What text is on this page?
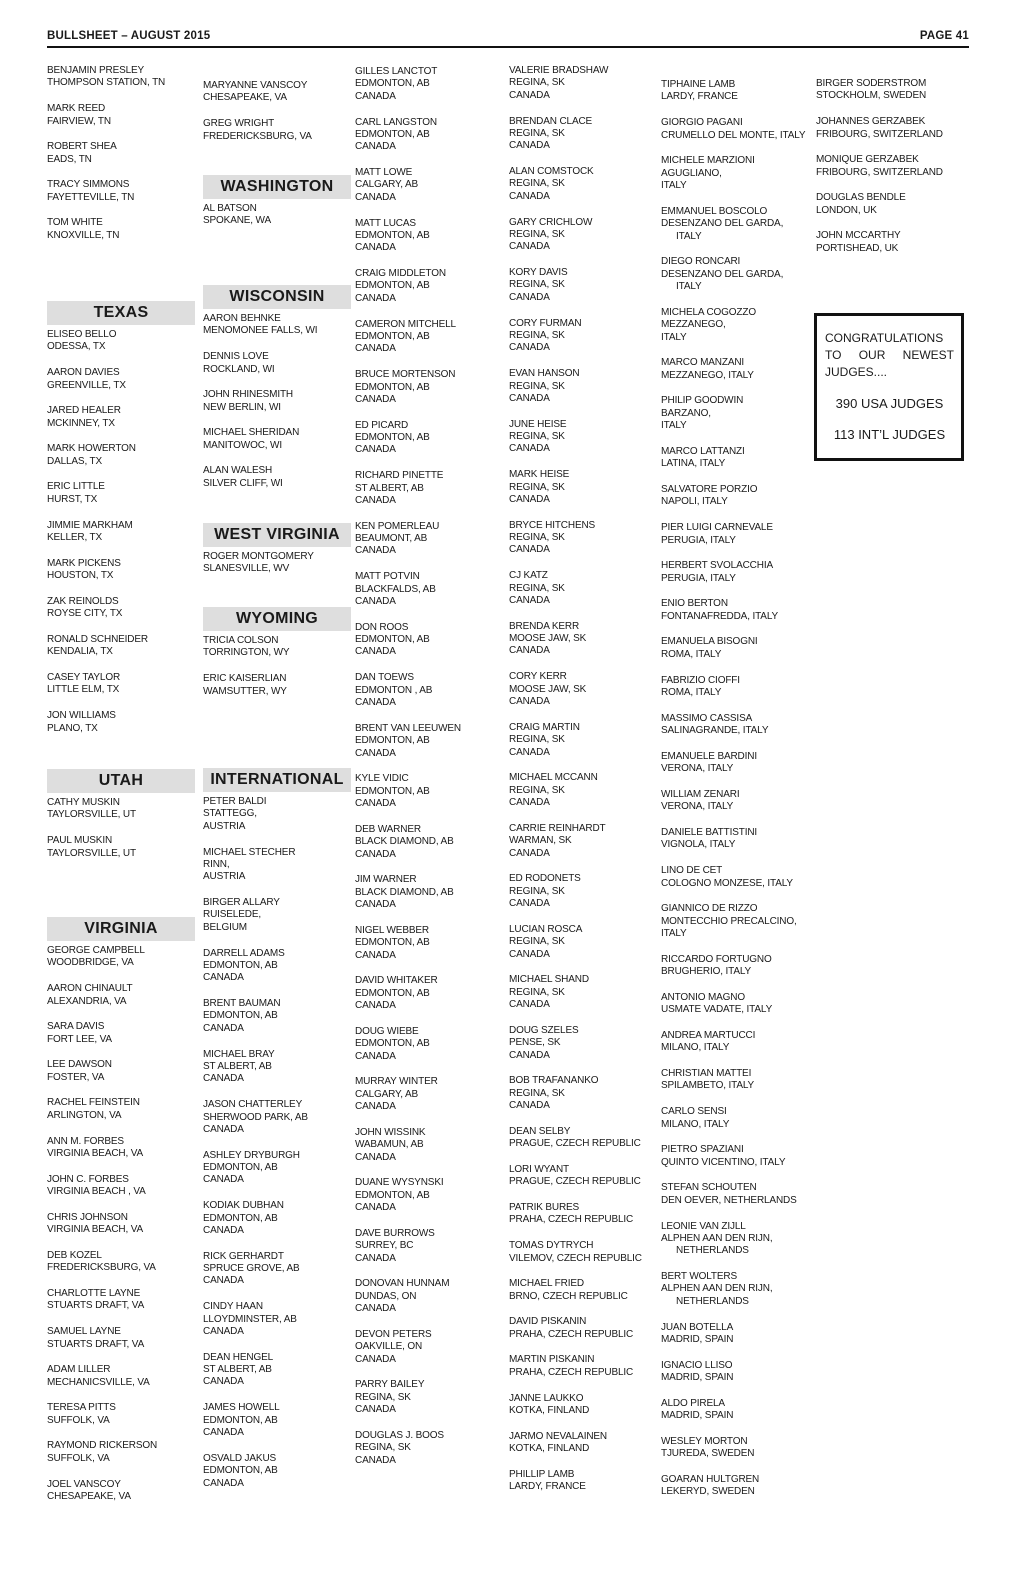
BULLSHEET – AUGUST 2015	PAGE 41
BENJAMIN PRESLEY
THOMPSON STATION, TN
MARK REED
FAIRVIEW, TN
ROBERT SHEA
EADS, TN
TRACY SIMMONS
FAYETTEVILLE, TN
TOM WHITE
KNOXVILLE, TN
TEXAS
ELISEO BELLO
ODESSA, TX
AARON DAVIES
GREENVILLE, TX
JARED HEALER
MCKINNEY, TX
MARK HOWERTON
DALLAS, TX
ERIC LITTLE
HURST, TX
JIMMIE MARKHAM
KELLER, TX
MARK PICKENS
HOUSTON, TX
ZAK REINOLDS
ROYSE CITY, TX
RONALD SCHNEIDER
KENDALIA, TX
CASEY TAYLOR
LITTLE ELM, TX
JON WILLIAMS
PLANO, TX
UTAH
CATHY MUSKIN
TAYLORSVILLE, UT
PAUL MUSKIN
TAYLORSVILLE, UT
VIRGINIA
GEORGE CAMPBELL
WOODBRIDGE, VA
AARON CHINAULT
ALEXANDRIA, VA
SARA DAVIS
FORT LEE, VA
LEE DAWSON
FOSTER, VA
RACHEL FEINSTEIN
ARLINGTON, VA
ANN M. FORBES
VIRGINIA BEACH, VA
JOHN C. FORBES
VIRGINIA BEACH , VA
CHRIS JOHNSON
VIRGINIA BEACH, VA
DEB KOZEL
FREDERICKSBURG, VA
CHARLOTTE LAYNE
STUARTS DRAFT, VA
SAMUEL LAYNE
STUARTS DRAFT, VA
ADAM LILLER
MECHANICSVILLE, VA
TERESA PITTS
SUFFOLK, VA
RAYMOND RICKERSON
SUFFOLK, VA
JOEL VANSCOY
CHESAPEAKE, VA
MARYANNE VANSCOY
CHESAPEAKE, VA
GREG WRIGHT
FREDERICKSBURG, VA
WASHINGTON
AL BATSON
SPOKANE, WA
WISCONSIN
AARON BEHNKE
MENOMONEE FALLS, WI
DENNIS LOVE
ROCKLAND, WI
JOHN RHINESMITH
NEW BERLIN, WI
MICHAEL SHERIDAN
MANITOWOC, WI
ALAN WALESH
SILVER CLIFF, WI
WEST VIRGINIA
ROGER MONTGOMERY
SLANESVILLE, WV
WYOMING
TRICIA COLSON
TORRINGTON, WY
ERIC KAISERLIAN
WAMSUTTER, WY
INTERNATIONAL
PETER BALDI
STATTEGG,
AUSTRIA
MICHAEL STECHER
RINN,
AUSTRIA
BIRGER ALLARY
RUISELEDE,
BELGIUM
DARRELL ADAMS
EDMONTON, AB
CANADA
BRENT BAUMAN
EDMONTON, AB
CANADA
MICHAEL BRAY
ST ALBERT, AB
CANADA
JASON CHATTERLEY
SHERWOOD PARK, AB
CANADA
ASHLEY DRYBURGH
EDMONTON, AB
CANADA
KODIAK DUBHAN
EDMONTON, AB
CANADA
RICK GERHARDT
SPRUCE GROVE, AB
CANADA
CINDY HAAN
LLOYDMINSTER, AB
CANADA
DEAN HENGEL
ST ALBERT, AB
CANADA
JAMES HOWELL
EDMONTON, AB
CANADA
OSVALD JAKUS
EDMONTON, AB
CANADA
GILLES LANCTOT
EDMONTON, AB
CANADA
CARL LANGSTON
EDMONTON, AB
CANADA
MATT LOWE
CALGARY, AB
CANADA
MATT LUCAS
EDMONTON, AB
CANADA
CRAIG MIDDLETON
EDMONTON, AB
CANADA
CAMERON MITCHELL
EDMONTON, AB
CANADA
BRUCE MORTENSON
EDMONTON, AB
CANADA
ED PICARD
EDMONTON, AB
CANADA
RICHARD PINETTE
ST ALBERT, AB
CANADA
KEN POMERLEAU
BEAUMONT, AB
CANADA
MATT POTVIN
BLACKFALDS, AB
CANADA
DON ROOS
EDMONTON, AB
CANADA
DAN TOEWS
EDMONTON , AB
CANADA
BRENT VAN LEEUWEN
EDMONTON, AB
CANADA
KYLE VIDIC
EDMONTON, AB
CANADA
DEB WARNER
BLACK DIAMOND, AB
CANADA
JIM WARNER
BLACK DIAMOND, AB
CANADA
NIGEL WEBBER
EDMONTON, AB
CANADA
DAVID WHITAKER
EDMONTON, AB
CANADA
DOUG WIEBE
EDMONTON, AB
CANADA
MURRAY WINTER
CALGARY, AB
CANADA
JOHN WISSINK
WABAMUN, AB
CANADA
DUANE WYSYNSKI
EDMONTON, AB
CANADA
DAVE BURROWS
SURREY, BC
CANADA
DONOVAN HUNNAM
DUNDAS, ON
CANADA
DEVON PETERS
OAKVILLE, ON
CANADA
PARRY BAILEY
REGINA, SK
CANADA
DOUGLAS J. BOOS
REGINA, SK
CANADA
VALERIE BRADSHAW
REGINA, SK
CANADA
BRENDAN CLACE
REGINA, SK
CANADA
ALAN COMSTOCK
REGINA, SK
CANADA
GARY CRICHLOW
REGINA, SK
CANADA
KORY DAVIS
REGINA, SK
CANADA
CORY FURMAN
REGINA, SK
CANADA
EVAN HANSON
REGINA, SK
CANADA
JUNE HEISE
REGINA, SK
CANADA
MARK HEISE
REGINA, SK
CANADA
BRYCE HITCHENS
REGINA, SK
CANADA
CJ KATZ
REGINA, SK
CANADA
BRENDA KERR
MOOSE JAW, SK
CANADA
CORY KERR
MOOSE JAW, SK
CANADA
CRAIG MARTIN
REGINA, SK
CANADA
MICHAEL MCCANN
REGINA, SK
CANADA
CARRIE REINHARDT
WARMAN, SK
CANADA
ED RODONETS
REGINA, SK
CANADA
LUCIAN ROSCA
REGINA, SK
CANADA
MICHAEL SHAND
REGINA, SK
CANADA
DOUG SZELES
PENSE, SK
CANADA
BOB TRAFANANKO
REGINA, SK
CANADA
DEAN SELBY
PRAGUE, CZECH REPUBLIC
LORI WYANT
PRAGUE, CZECH REPUBLIC
PATRIK BURES
PRAHA, CZECH REPUBLIC
TOMAS DYTRYCH
VILEMOV, CZECH REPUBLIC
MICHAEL FRIED
BRNO, CZECH REPUBLIC
DAVID PISKANIN
PRAHA, CZECH REPUBLIC
MARTIN PISKANIN
PRAHA, CZECH REPUBLIC
JANNE LAUKKO
KOTKA, FINLAND
JARMO NEVALAINEN
KOTKA, FINLAND
PHILLIP LAMB
LARDY, FRANCE
TIPHAINE LAMB
LARDY, FRANCE
GIORGIO PAGANI
CRUMELLO DEL MONTE, ITALY
MICHELE MARZIONI
AGUGLIANO,
ITALY
EMMANUEL BOSCOLO
DESENZANO DEL GARDA,
ITALY
DIEGO RONCARI
DESENZANO DEL GARDA,
ITALY
MICHELA COGOZZO
MEZZANEGO,
ITALY
MARCO MANZANI
MEZZANEGO, ITALY
PHILIP GOODWIN
BARZANO,
ITALY
MARCO LATTANZI
LATINA, ITALY
SALVATORE PORZIO
NAPOLI, ITALY
PIER LUIGI CARNEVALE
PERUGIA, ITALY
HERBERT SVOLACCHIA
PERUGIA, ITALY
ENIO BERTON
FONTANAFREDDA, ITALY
EMANUELA BISOGNI
ROMA, ITALY
FABRIZIO CIOFFI
ROMA, ITALY
MASSIMO CASSISA
SALINAGRANDE, ITALY
EMANUELE BARDINI
VERONA, ITALY
WILLIAM ZENARI
VERONA, ITALY
DANIELE BATTISTINI
VIGNOLA, ITALY
LINO DE CET
COLOGNO MONZESE, ITALY
GIANNICO DE RIZZO
MONTECCHIO PRECALCINO,
ITALY
RICCARDO FORTUGNO
BRUGHERIO, ITALY
ANTONIO MAGNO
USMATE VADATE, ITALY
ANDREA MARTUCCI
MILANO, ITALY
CHRISTIAN MATTEI
SPILAMBETO, ITALY
CARLO SENSI
MILANO, ITALY
PIETRO SPAZIANI
QUINTO VICENTINO, ITALY
STEFAN SCHOUTEN
DEN OEVER, NETHERLANDS
LEONIE VAN ZIJLL
ALPHEN AAN DEN RIJN,
NETHERLANDS
BERT WOLTERS
ALPHEN AAN DEN RIJN,
NETHERLANDS
JUAN BOTELLA
MADRID, SPAIN
IGNACIO LLISO
MADRID, SPAIN
ALDO PIRELA
MADRID, SPAIN
WESLEY MORTON
TJUREDA, SWEDEN
GOARAN HULTGREN
LEKERYD, SWEDEN
BIRGER SODERSTROM
STOCKHOLM, SWEDEN
JOHANNES GERZABEK
FRIBOURG, SWITZERLAND
MONIQUE GERZABEK
FRIBOURG, SWITZERLAND
DOUGLAS BENDLE
LONDON, UK
JOHN MCCARTHY
PORTISHEAD, UK
CONGRATULATIONS
TO OUR NEWEST
JUDGES....
390 USA JUDGES
113 INT’L JUDGES
